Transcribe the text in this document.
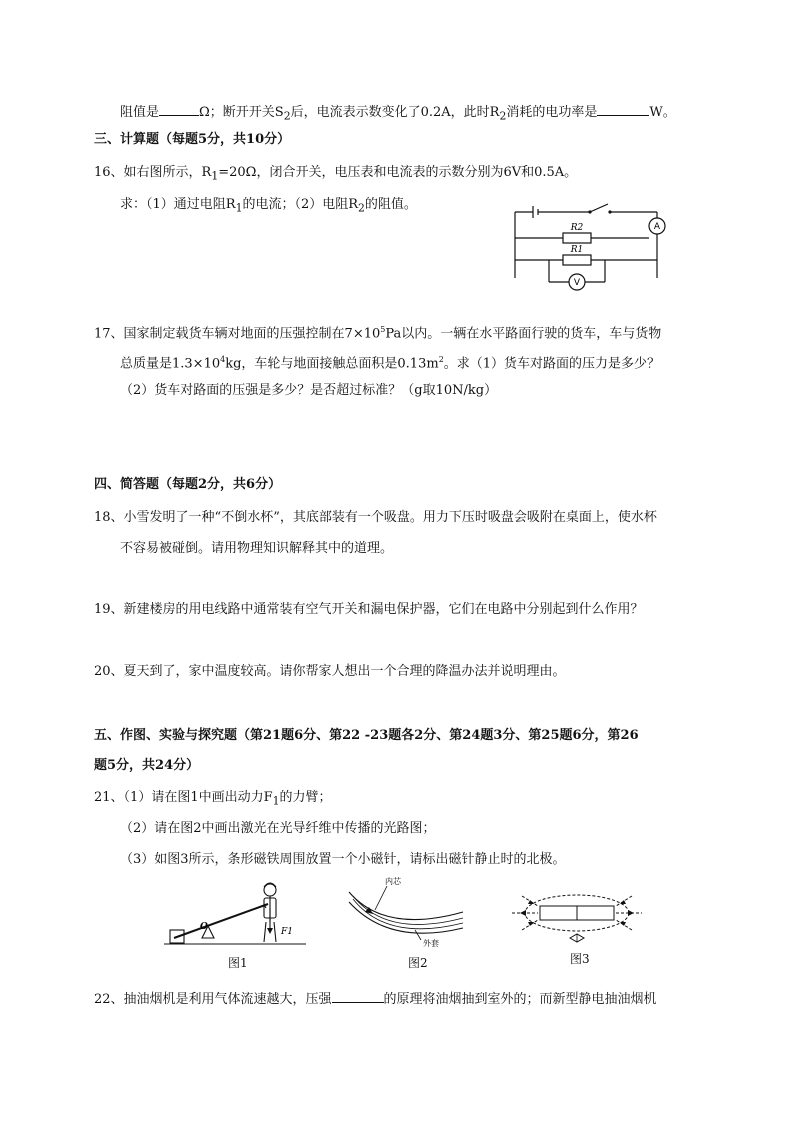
阻值是	Ω；断开开关$S_2$后，电流表示数变化了0.2A，此时$R_2$消耗的电功率是	W。
三、计算题（每题5分，共10分）
16、如右图所示，$R_1=20\Omega$，闭合开关，电压表和电流表的示数分别为6V和0.5A。
求：（1）通过电阻$R_1$的电流；（2）电阻$R_2$的阻值。
R2
R1
A
V
17、国家制定载货车辆对地面的压强控制在$7\times 10^5Pa$以内。一辆在水平路面行驶的货车，车与货物
总质量是$1.3\times 10^4kg$，车轮与地面接触总面积是$0.13m^2$。求（1）货车对路面的压力是多少？
（2）货车对路面的压强是多少？是否超过标准？（g取10N/kg）
四、简答题（每题2分，共6分）
18、小雪发明了一种“不倒水杯”，其底部装有一个吸盘。用力下压时吸盘会吸附在桌面上，使水杯
不容易被碰倒。请用物理知识解释其中的道理。
19、新建楼房的用电线路中通常装有空气开关和漏电保护器，它们在电路中分别起到什么作用？
20、夏天到了，家中温度较高。请你帮家人想出一个合理的降温办法并说明理由。
五、作图、实验与探究题（第21题6分、第22 -23题各2分、第24题3分、第25题6分，第26
题5分，共24分）
21、（1）请在图1中画出动力$F_1$的力臂；
（2）请在图2中画出激光在光导纤维中传播的光路图；
（3）如图3所示，条形磁铁周围放置一个小磁针，请标出磁针静止时的北极。
O	F1
图1
内芯
外套
图2	图3
22、抽油烟机是利用气体流速越大，压强	的原理将油烟抽到室外的；而新型静电抽油烟机
